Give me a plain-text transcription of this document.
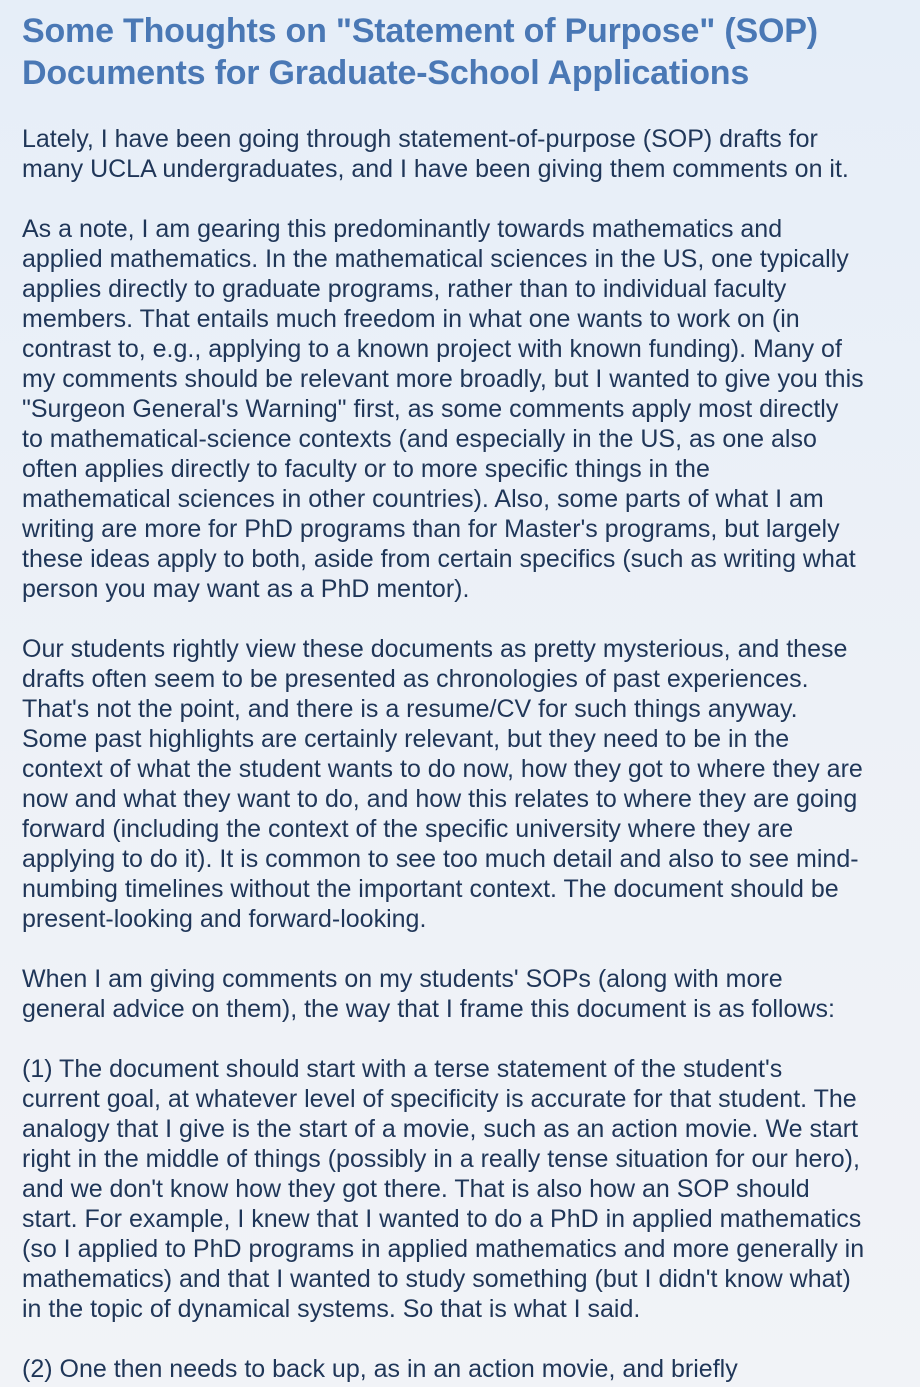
Some Thoughts on "Statement of Purpose" (SOP)
Documents for Graduate-School Applications

Lately, I have been going through statement-of-purpose (SOP) drafts for
many UCLA undergraduates, and I have been giving them comments on it.

As a note, I am gearing this predominantly towards mathematics and
applied mathematics. In the mathematical sciences in the US, one typically
applies directly to graduate programs, rather than to individual faculty
members. That entails much freedom in what one wants to work on (in
contrast to, e.g., applying to a known project with known funding). Many of
my comments should be relevant more broadly, but I wanted to give you this
"Surgeon General's Warning" first, as some comments apply most directly
to mathematical-science contexts (and especially in the US, as one also
often applies directly to faculty or to more specific things in the
mathematical sciences in other countries). Also, some parts of what I am
writing are more for PhD programs than for Master's programs, but largely
these ideas apply to both, aside from certain specifics (such as writing what
person you may want as a PhD mentor).

Our students rightly view these documents as pretty mysterious, and these
drafts often seem to be presented as chronologies of past experiences.
That's not the point, and there is a resume/CV for such things anyway.
Some past highlights are certainly relevant, but they need to be in the
context of what the student wants to do now, how they got to where they are
now and what they want to do, and how this relates to where they are going
forward (including the context of the specific university where they are
applying to do it). It is common to see too much detail and also to see mind-
numbing timelines without the important context. The document should be
present-looking and forward-looking.

When I am giving comments on my students' SOPs (along with more
general advice on them), the way that I frame this document is as follows:

(1) The document should start with a terse statement of the student's
current goal, at whatever level of specificity is accurate for that student. The
analogy that I give is the start of a movie, such as an action movie. We start
right in the middle of things (possibly in a really tense situation for our hero),
and we don't know how they got there. That is also how an SOP should
start. For example, I knew that I wanted to do a PhD in applied mathematics
(so I applied to PhD programs in applied mathematics and more generally in
mathematics) and that I wanted to study something (but I didn't know what)
in the topic of dynamical systems. So that is what I said.

(2) One then needs to back up, as in an action movie, and briefly
